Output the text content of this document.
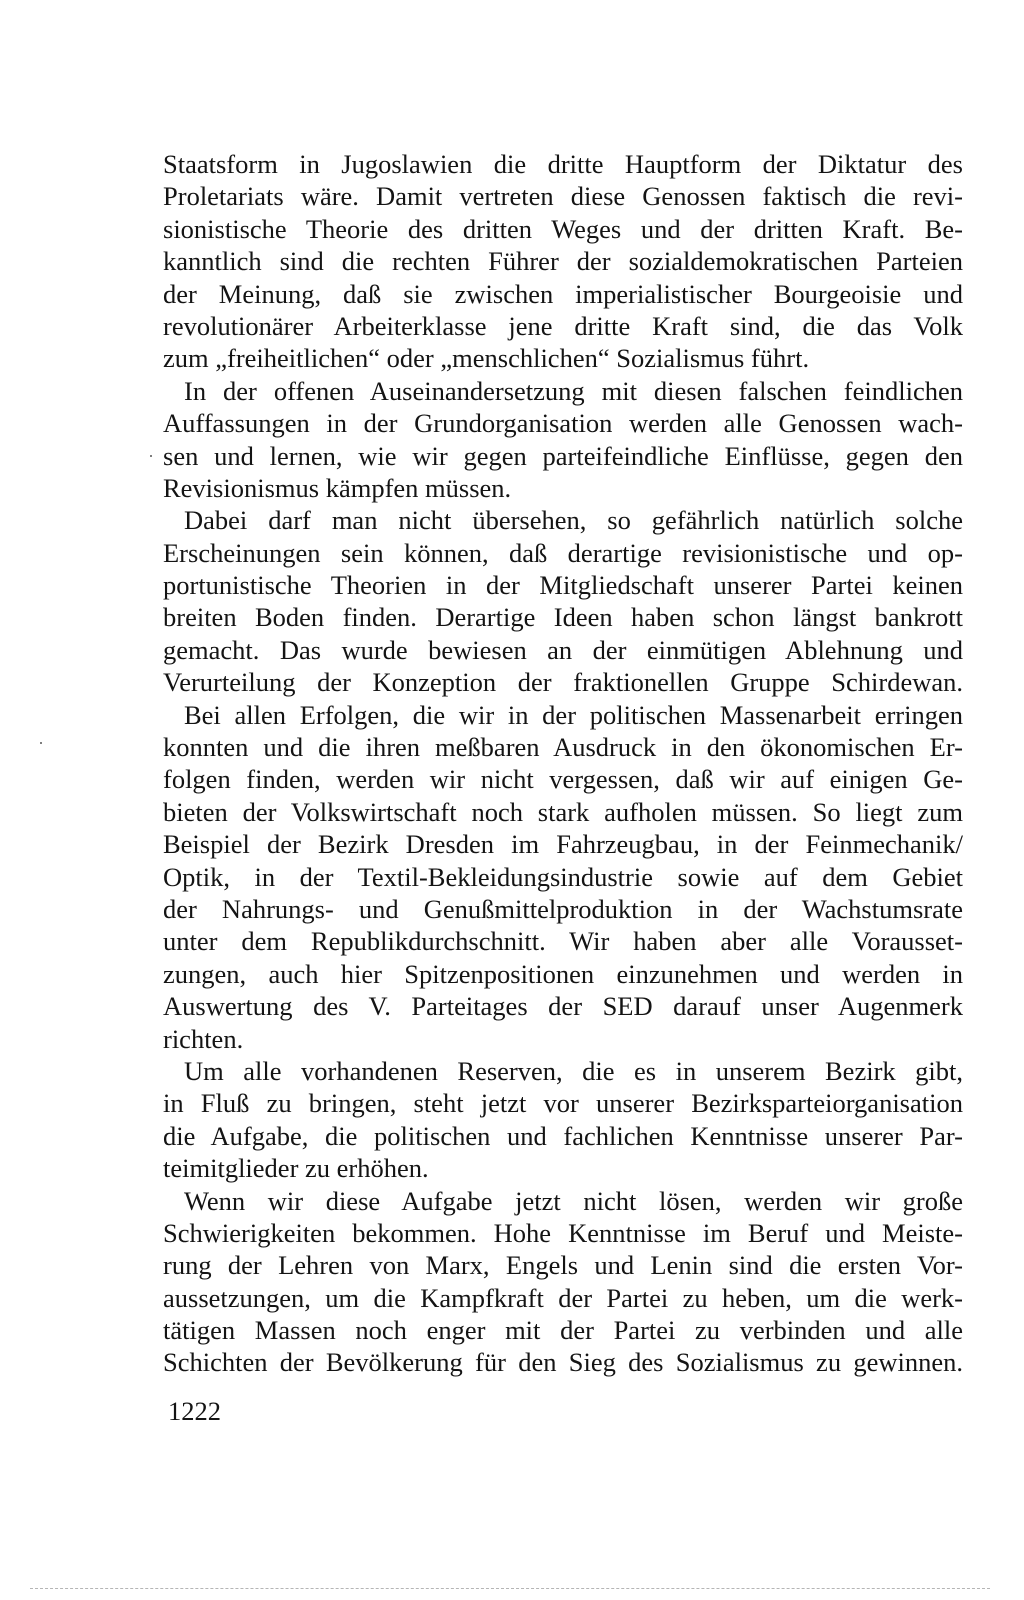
Staatsform in Jugoslawien die dritte Hauptform der Diktatur des
Proletariats wäre. Damit vertreten diese Genossen faktisch die revi-
sionistische Theorie des dritten Weges und der dritten Kraft. Be-
kanntlich sind die rechten Führer der sozialdemokratischen Parteien
der Meinung, daß sie zwischen imperialistischer Bourgeoisie und
revolutionärer Arbeiterklasse jene dritte Kraft sind, die das Volk
zum „freiheitlichen“ oder „menschlichen“ Sozialismus führt.
In der offenen Auseinandersetzung mit diesen falschen feindlichen
Auffassungen in der Grundorganisation werden alle Genossen wach-
sen und lernen, wie wir gegen parteifeindliche Einflüsse, gegen den
Revisionismus kämpfen müssen.
Dabei darf man nicht übersehen, so gefährlich natürlich solche
Erscheinungen sein können, daß derartige revisionistische und op-
portunistische Theorien in der Mitgliedschaft unserer Partei keinen
breiten Boden finden. Derartige Ideen haben schon längst bankrott
gemacht. Das wurde bewiesen an der einmütigen Ablehnung und
Verurteilung der Konzeption der fraktionellen Gruppe Schirdewan.
Bei allen Erfolgen, die wir in der politischen Massenarbeit erringen
konnten und die ihren meßbaren Ausdruck in den ökonomischen Er-
folgen finden, werden wir nicht vergessen, daß wir auf einigen Ge-
bieten der Volkswirtschaft noch stark aufholen müssen. So liegt zum
Beispiel der Bezirk Dresden im Fahrzeugbau, in der Feinmechanik/
Optik, in der Textil-Bekleidungsindustrie sowie auf dem Gebiet
der Nahrungs- und Genußmittelproduktion in der Wachstumsrate
unter dem Republikdurchschnitt. Wir haben aber alle Vorausset-
zungen, auch hier Spitzenpositionen einzunehmen und werden in
Auswertung des V. Parteitages der SED darauf unser Augenmerk
richten.
Um alle vorhandenen Reserven, die es in unserem Bezirk gibt,
in Fluß zu bringen, steht jetzt vor unserer Bezirksparteiorganisation
die Aufgabe, die politischen und fachlichen Kenntnisse unserer Par-
teimitglieder zu erhöhen.
Wenn wir diese Aufgabe jetzt nicht lösen, werden wir große
Schwierigkeiten bekommen. Hohe Kenntnisse im Beruf und Meiste-
rung der Lehren von Marx, Engels und Lenin sind die ersten Vor-
aussetzungen, um die Kampfkraft der Partei zu heben, um die werk-
tätigen Massen noch enger mit der Partei zu verbinden und alle
Schichten der Bevölkerung für den Sieg des Sozialismus zu gewinnen.
1222
